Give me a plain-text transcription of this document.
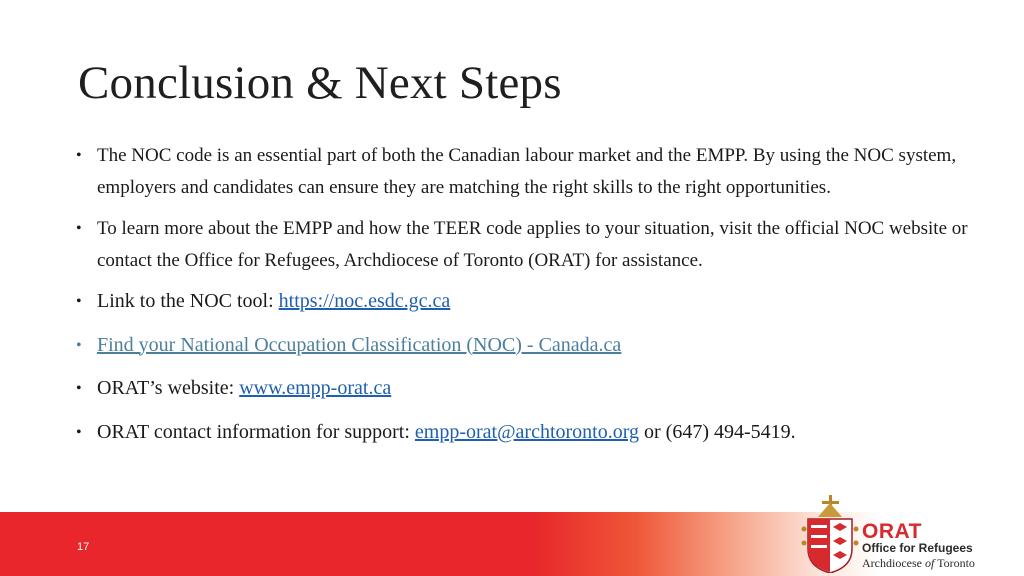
Conclusion & Next Steps
• The NOC code is an essential part of both the Canadian labour market and the EMPP. By using the NOC system, employers and candidates can ensure they are matching the right skills to the right opportunities.
• To learn more about the EMPP and how the TEER code applies to your situation, visit the official NOC website or contact the Office for Refugees, Archdiocese of Toronto (ORAT) for assistance.
• Link to the NOC tool: https://noc.esdc.gc.ca
• Find your National Occupation Classification (NOC) - Canada.ca
• ORAT’s website: www.empp-orat.ca
• ORAT contact information for support: empp-orat@archtoronto.org or (647) 494-5419.
17
ORAT
Office for Refugees
Archdiocese of Toronto
